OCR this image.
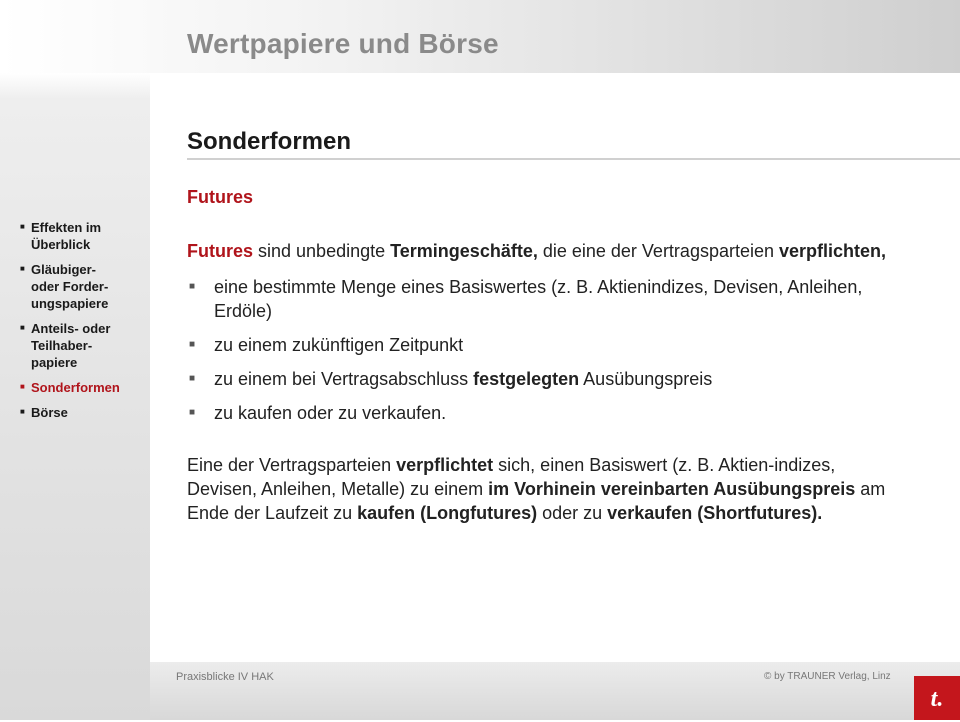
Wertpapiere und Börse
Sonderformen
Futures
■ Effekten im
Überblick
■ Gläubiger-
oder Forder-
ungspapiere
■ Anteils- oder
Teilhaber-
papiere
■ Sonderformen
■ Börse

Futures sind unbedingte Termingeschäfte, die eine der Vertragsparteien verpflichten,

■ eine bestimmte Menge eines Basiswertes (z. B. Aktienindizes, Devisen, Anleihen, Erdöle)
■ zu einem zukünftigen Zeitpunkt
■ zu einem bei Vertragsabschluss festgelegten Ausübungspreis
■ zu kaufen oder zu verkaufen.

Eine der Vertragsparteien verpflichtet sich, einen Basiswert (z. B. Aktien-indizes, Devisen, Anleihen, Metalle) zu einem im Vorhinein vereinbarten Ausübungspreis am Ende der Laufzeit zu kaufen (Longfutures) oder zu verkaufen (Shortfutures).

Praxisblicke IV HAK	© by TRAUNER Verlag, Linz
t.
